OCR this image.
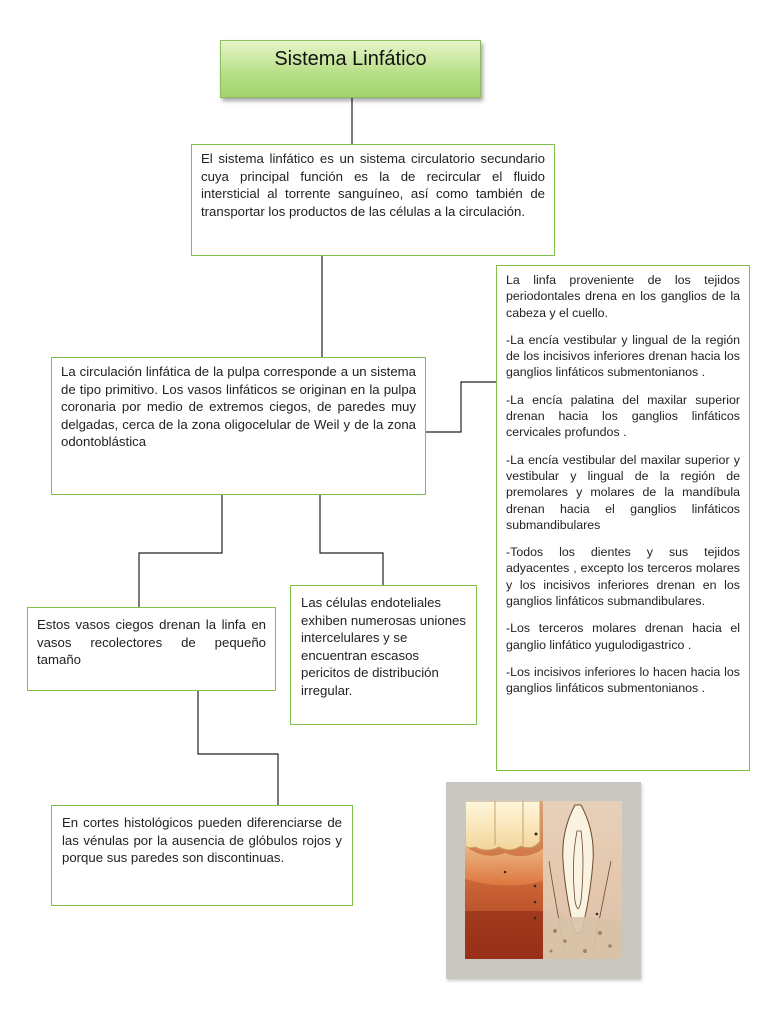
Sistema Linfático

El sistema linfático es un sistema circulatorio secundario cuya principal función es la de recircular el fluido intersticial al torrente sanguíneo, así como también de transportar los productos de las células a la circulación.

La circulación linfática de la pulpa corresponde a un sistema de tipo primitivo. Los vasos linfáticos se originan en la pulpa coronaria por medio de extremos ciegos, de paredes muy delgadas, cerca de la zona oligocelular de Weil y de la zona odontoblástica

Estos vasos ciegos drenan la linfa en vasos recolectores de pequeño tamaño

Las células endoteliales exhiben numerosas uniones intercelulares y se encuentran escasos pericitos de distribución irregular.

En cortes histológicos pueden diferenciarse de las vénulas por la ausencia de glóbulos rojos y porque sus paredes son discontinuas.

La linfa proveniente de los tejidos periodontales drena en los ganglios de la cabeza y el cuello.

-La encía vestibular y lingual de la región de los incisivos inferiores drenan hacia los ganglios linfáticos submentonianos .

-La encía palatina del maxilar superior drenan hacia los ganglios linfáticos cervicales profundos .

-La encía vestibular del maxilar superior y vestibular y lingual de la región de premolares y molares de la mandíbula drenan hacia el ganglios linfáticos submandibulares

-Todos los dientes y sus tejidos adyacentes , excepto los terceros molares y los incisivos inferiores drenan en los ganglios linfáticos submandibulares.

-Los terceros molares drenan hacia el ganglio linfático yugulodigastrico .

-Los incisivos inferiores lo hacen hacia los ganglios linfáticos submentonianos .
